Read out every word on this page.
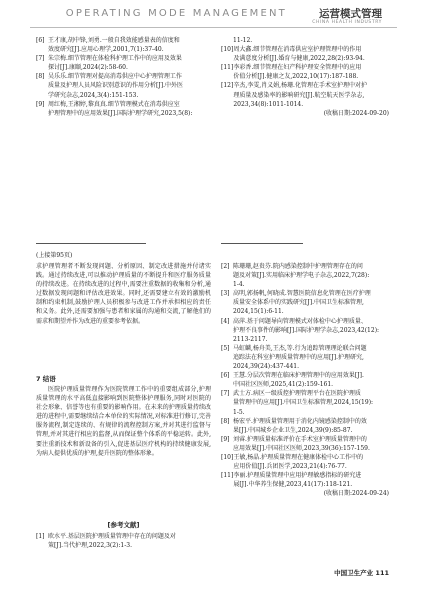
OPERATING MODE MANAGEMENT	运营模式管理
CHINA HEALTH INDUSTRY
[6] 王才康,胡中锋,刘勇.一般自我效能感量表的信度和
效度研究[J].应用心理学,2001,7(1):37-40.
[7] 朱宗梅.细节管理在体检科护理工作中的应用及效果
探讨[J].康颐,2024(2):58-60.
[8] 吴乐乐.细节管理对提高消毒供应中心护理管理工作
质量及护理人员风险识别意识的作用分析[J].中外医
学研究杂志,2024,3(4):151-153.
[9] 周红梅,王湘婷,黎真真.细节管理模式在消毒供应室
护理管理中的应用效果[J].国际护理学研究,2023,5(8):
11-12.
[10] 周大鑫.细节管理在消毒供应室护理管理中的作用
及满意度分析[J].婚育与健康,2022,28(2):93-94.
[11] 李彩香.细节管理在妇产科护理安全管理中的应用
价值分析[J].健康之友,2022,10(17):187-188.
[12] 辛杰,李雯,肖义娟,杨珊.化管理在手术室护理中对护
理质量及感染率的影响研究[J].航空航天医学杂志,
2023,34(8):1011-1014.
(收稿日期:2024-09-20)
(上接第95页)
求护理管理者不断发现问题、分析原因、制定改进措施并付诸实践。通过持续改进,可以推动护理质量的不断提升和医疗服务质量的持续改进。在持续改进的过程中,需要注重数据的收集和分析,通过数据发现问题和评估改进效果。同时,还需要建立有效的激励机制和约束机制,鼓励护理人员积极参与改进工作并承担相应的责任和义务。此外,还需要加强与患者和家属的沟通和交流,了解他们的需求和期望并作为改进的重要参考依据。
7 结语
医院护理质量管理作为医院管理工作中的重要组成部分,护理质量管理的水平高低直接影响到医院整体护理服务,同时对医院的社会形象、信誉等也有重要的影响作用。在未来的护理质量持续改进的进程中,需要继续结合本单位的实际情况,对标准进行修订,完善服务流程,制定连续的、有规律的流程控制方案,并对其进行监督与管理,并对其进行相应的监督,从而保证整个体系的平稳运转。此外,要注重新技术和新设备的引入,促进基层医疗机构的持续健康发展,为病人提供优质的护理,提升医院的整体形象。
[参考文献]
[1] 欧水平.基层医院护理质量管理中存在的问题及对
策[J].当代护理,2022,3(2):1-3.
[2] 陈珊珊,赵贵芬.院内感染控制中护理管理存在的问
题及对策[J].实用临床护理学电子杂志,2022,7(28):
1-4.
[3] 高明,郭扬帆,何晓成.智慧医院信息化管理在医疗护理
质量安全体系中的实践研究[J].中国卫生标准管理,
2024,15(1):6-11.
[4] 高萍.基于问题导向管理模式对体检中心护理质量、
护理不良事件的影响[J].国际护理学杂志,2023,42(12):
2113-2117.
[5] 马虹麟,杨舟美,王杰,等.行为追踪管理理论联合问题
追踪法在科室护理质量管理中的应用[J].护理研究,
2024,39(24):437-441.
[6] 王慧.分层次管理在临床护理管理中的应用效果[J].
中国社区医师,2025,41(2):159-161.
[7] 武士方.病区一级质控护理管理平台在医院护理质
量管理中的应用[J].中国卫生标准管理,2024,15(19):
1-5.
[8] 杨宏平.护理质量管理用于消化内镜感染控制中的效
果[J].中国城乡企业卫生,2024,39(9):85-87.
[9] 刘睿.护理质量标准评价在手术室护理质量管理中的
应用效果[J].中国社区医师,2023,39(36):157-159.
[10] 王敏,杨晶.护理质量管理在健康体检中心工作中的
应用价值[J].兵团医学,2023,21(4):76-77.
[11] 李丽.护理质量管理中应用护理敏感指标的研究进
展[J].中华养生保健,2023,41(17):118-121.
(收稿日期:2024-09-24)
中国卫生产业 111
